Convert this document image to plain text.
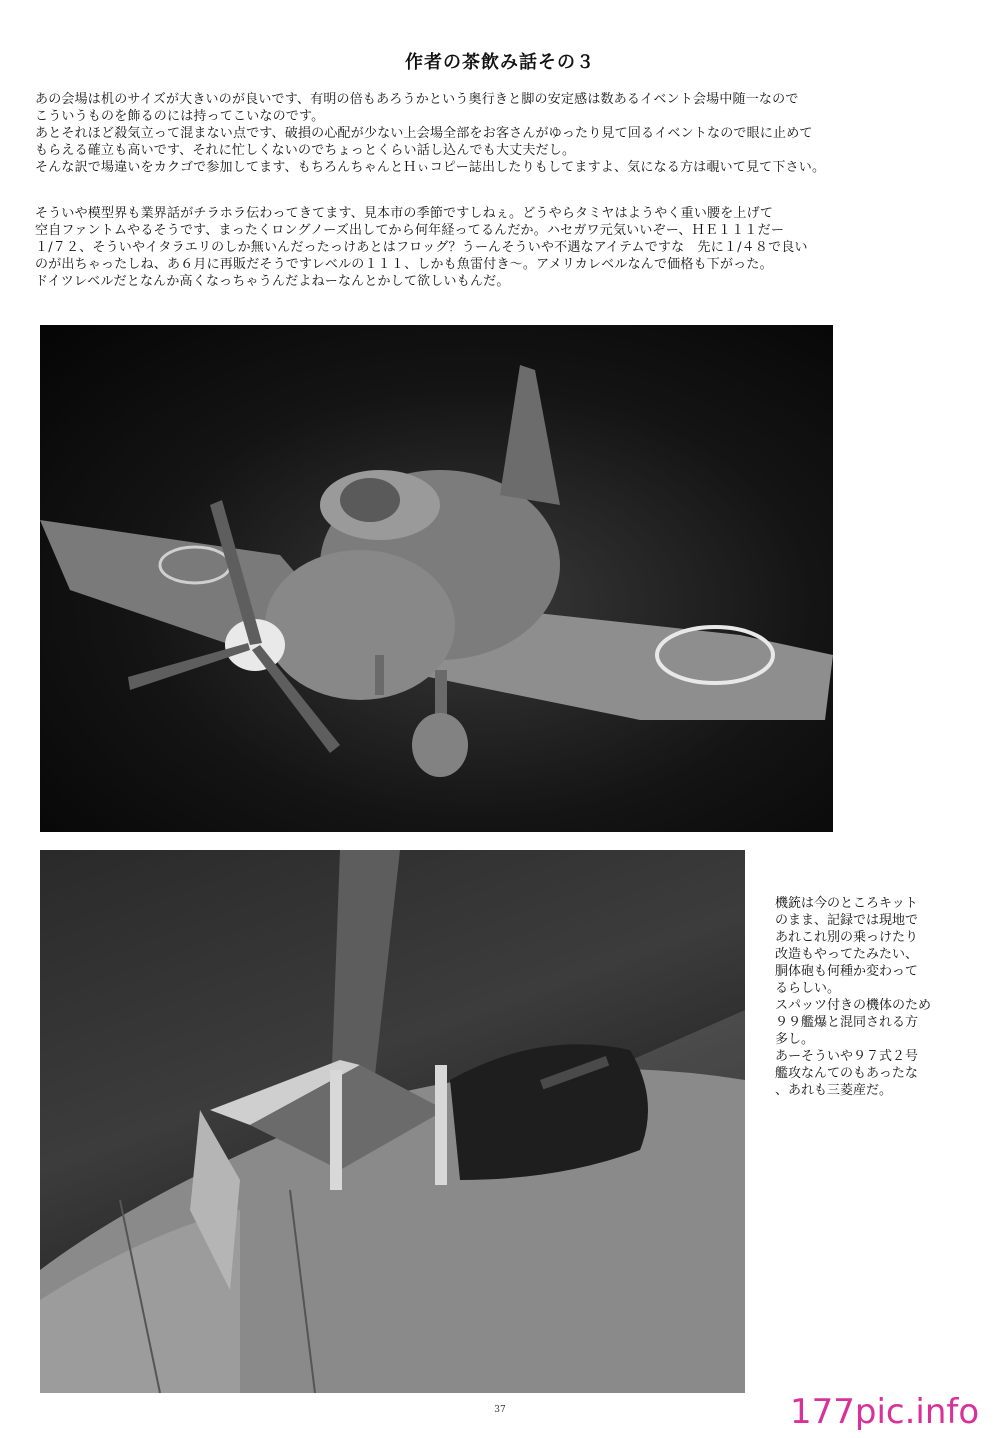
作者の茶飲み話その３
あの会場は机のサイズが大きいのが良いです、有明の倍もあろうかという奥行きと脚の安定感は数あるイベント会場中随一なので
こういうものを飾るのには持ってこいなのです。
あとそれほど殺気立って混まない点です、破損の心配が少ない上会場全部をお客さんがゆったり見て回るイベントなので眼に止めて
もらえる確立も高いです、それに忙しくないのでちょっとくらい話し込んでも大丈夫だし。
そんな訳で場違いをカクゴで参加してます、もちろんちゃんとＨぃコピー誌出したりもしてますよ、気になる方は覗いて見て下さい。
そういや模型界も業界話がチラホラ伝わってきてます、見本市の季節ですしねぇ。どうやらタミヤはようやく重い腰を上げて
空自ファントムやるそうです、まったくロングノーズ出してから何年経ってるんだか。ハセガワ元気いいぞー、ＨＥ１１１だー
１/７２、そういやイタラエリのしか無いんだったっけあとはフロッグ？うーんそういや不遇なアイテムですな　先に１/４８で良い
のが出ちゃったしね、あ６月に再販だそうですレベルの１１１、しかも魚雷付き～。アメリカレベルなんで価格も下がった。
ドイツレベルだとなんか高くなっちゃうんだよねーなんとかして欲しいもんだ。
機銃は今のところキット
のまま、記録では現地で
あれこれ別の乗っけたり
改造もやってたみたい、
胴体砲も何種か変わって
るらしい。
スパッツ付きの機体のため
９９艦爆と混同される方
多し。
あーそういや９７式２号
艦攻なんてのもあったな
、あれも三菱産だ。
37	177pic.info
